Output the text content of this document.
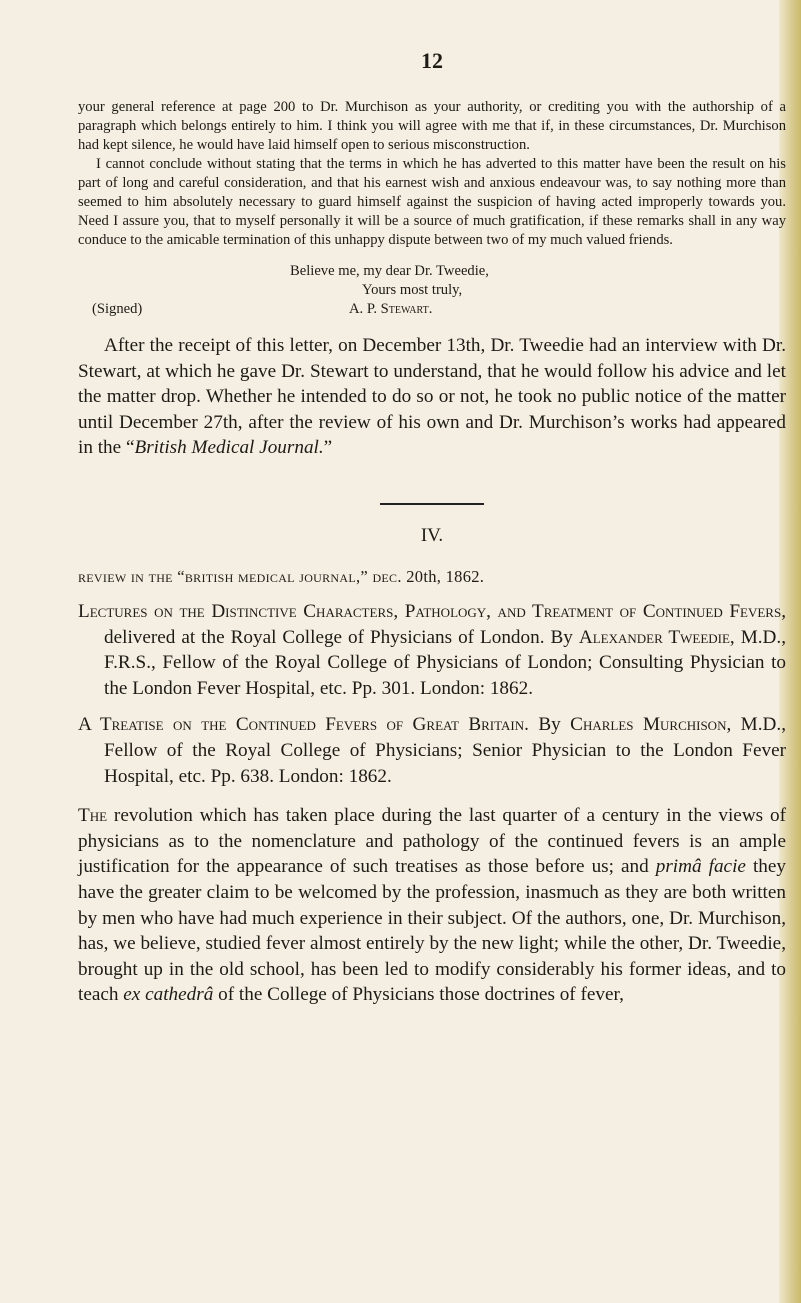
12

your general reference at page 200 to Dr. Murchison as your authority, or crediting you with the authorship of a paragraph which belongs entirely to him. I think you will agree with me that if, in these circumstances, Dr. Murchison had kept silence, he would have laid himself open to serious misconstruction.

I cannot conclude without stating that the terms in which he has adverted to this matter have been the result on his part of long and careful consideration, and that his earnest wish and anxious endeavour was, to say nothing more than seemed to him absolutely necessary to guard himself against the suspicion of having acted improperly towards you. Need I assure you, that to myself personally it will be a source of much gratification, if these remarks shall in any way conduce to the amicable termination of this unhappy dispute between two of my much valued friends.

Believe me, my dear Dr. Tweedie,
Yours most truly,
(Signed)	A. P. Stewart.

After the receipt of this letter, on December 13th, Dr. Tweedie had an interview with Dr. Stewart, at which he gave Dr. Stewart to understand, that he would follow his advice and let the matter drop. Whether he intended to do so or not, he took no public notice of the matter until December 27th, after the review of his own and Dr. Murchison’s works had appeared in the “British Medical Journal.”

IV.
review in the “british medical journal,” dec. 20th, 1862.

Lectures on the Distinctive Characters, Pathology, and Treatment of Continued Fevers, delivered at the Royal College of Physicians of London. By Alexander Tweedie, M.D., F.R.S., Fellow of the Royal College of Physicians of London; Consulting Physician to the London Fever Hospital, etc. Pp. 301. London: 1862.

A Treatise on the Continued Fevers of Great Britain. By Charles Murchison, M.D., Fellow of the Royal College of Physicians; Senior Physician to the London Fever Hospital, etc. Pp. 638. London: 1862.

The revolution which has taken place during the last quarter of a century in the views of physicians as to the nomenclature and pathology of the continued fevers is an ample justification for the appearance of such treatises as those before us; and primâ facie they have the greater claim to be welcomed by the profession, inasmuch as they are both written by men who have had much experience in their subject. Of the authors, one, Dr. Murchison, has, we believe, studied fever almost entirely by the new light; while the other, Dr. Tweedie, brought up in the old school, has been led to modify considerably his former ideas, and to teach ex cathedrâ of the College of Physicians those doctrines of fever,
